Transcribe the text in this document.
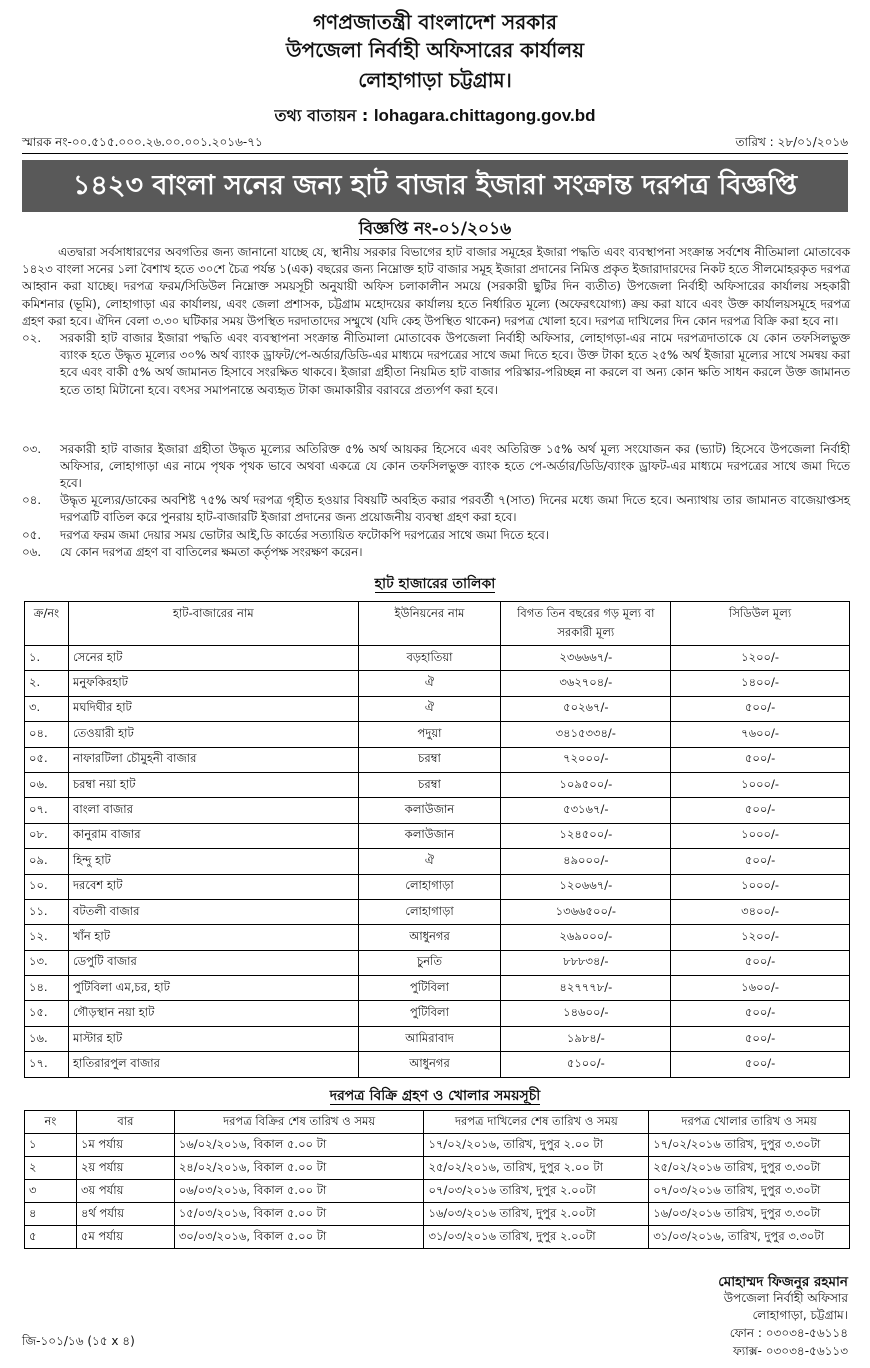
গণপ্রজাতন্ত্রী বাংলাদেশ সরকার
উপজেলা নির্বাহী অফিসারের কার্যালয়
লোহাগাড়া চট্টগ্রাম।
তথ্য বাতায়ন : lohagara.chittagong.gov.bd
স্মারক নং-০০.৫১৫.০০০.২৬.০০.০০১.২০১৬-৭১	তারিখ : ২৮/০১/২০১৬
১৪২৩ বাংলা সনের জন্য হাট বাজার ইজারা সংক্রান্ত দরপত্র বিজ্ঞপ্তি
বিজ্ঞপ্তি নং-০১/২০১৬
এতদ্বারা সর্বসাধারণের অবগতির জন্য জানানো যাচ্ছে যে, স্থানীয় সরকার বিভাগের হাট বাজার সমূহের ইজারা পদ্ধতি এবং ব্যবস্থাপনা সংক্রান্ত সর্বশেষ নীতিমালা মোতাবেক ১৪২৩ বাংলা সনের ১লা বৈশাখ হতে ৩০শে চৈত্র পর্যন্ত ১(এক) বছরের জন্য নিম্নোক্ত হাট বাজার সমূহ ইজারা প্রদানের নিমিত্ত প্রকৃত ইজারাদারদের নিকট হতে সীলমোহরকৃত দরপত্র আহ্বান করা যাচ্ছে। দরপত্র ফরম/সিডিউল নিম্নোক্ত সময়সূচী অনুযায়ী অফিস চলাকালীন সময়ে (সরকারী ছুটির দিন ব্যতীত) উপজেলা নির্বাহী অফিসারের কার্যালয় সহকারী কমিশনার (ভূমি), লোহাগাড়া এর কার্যালয়, এবং জেলা প্রশাসক, চট্টগ্রাম মহোদয়ের কার্যালয় হতে নির্ধারিত মূল্যে (অফেরৎযোগ্য) ক্রয় করা যাবে এবং উক্ত কার্যালয়সমূহে দরপত্র গ্রহণ করা হবে। ঐদিন বেলা ৩.৩০ ঘটিকার সময় উপস্থিত দরদাতাদের সম্মুখে (যদি কেহ উপস্থিত থাকেন) দরপত্র খোলা হবে। দরপত্র দাখিলের দিন কোন দরপত্র বিক্রি করা হবে না।
০২.	সরকারী হাট বাজার ইজারা পদ্ধতি এবং ব্যবস্থাপনা সংক্রান্ত নীতিমালা মোতাবেক উপজেলা নির্বাহী অফিসার, লোহাগড়া-এর নামে দরপত্রদাতাকে যে কোন তফসিলভুক্ত ব্যাংক হতে উদ্ধৃত মূল্যের ৩০% অর্থ ব্যাংক ড্রাফট/পে-অর্ডার/ডিডি-এর মাধ্যমে দরপত্রের সাথে জমা দিতে হবে। উক্ত টাকা হতে ২৫% অর্থ ইজারা মূল্যের সাথে সমন্বয় করা হবে এবং বাকী ৫% অর্থ জামানত হিসাবে সংরক্ষিত থাকবে। ইজারা গ্রহীতা নিয়মিত হাট বাজার পরিস্কার-পরিচ্ছন্ন না করলে বা অন্য কোন ক্ষতি সাধন করলে উক্ত জামানত হতে তাহা মিটানো হবে। বৎসর সমাপনান্তে অব্যহৃত টাকা জমাকারীর বরাবরে প্রত্যর্পণ করা হবে।
০৩.	সরকারী হাট বাজার ইজারা গ্রহীতা উদ্ধৃত মূল্যের অতিরিক্ত ৫% অর্থ আয়কর হিসেবে এবং অতিরিক্ত ১৫% অর্থ মূল্য সংযোজন কর (ভ্যাট) হিসেবে উপজেলা নির্বাহী অফিসার, লোহাগাড়া এর নামে পৃথক পৃথক ভাবে অথবা একত্রে যে কোন তফসিলভুক্ত ব্যাংক হতে পে-অর্ডার/ডিডি/ব্যাংক ড্রাফট-এর মাধ্যমে দরপত্রের সাথে জমা দিতে হবে।
০৪.	উদ্ধৃত মূল্যের/ডাকের অবশিষ্ট ৭৫% অর্থ দরপত্র গৃহীত হওয়ার বিষয়টি অবহিত করার পরবর্তী ৭(সাত) দিনের মধ্যে জমা দিতে হবে। অন্যাথায় তার জামানত বাজেয়াপ্তসহ দরপত্রটি বাতিল করে পুনরায় হাট-বাজারটি ইজারা প্রদানের জন্য প্রয়োজনীয় ব্যবস্থা গ্রহণ করা হবে।
০৫.	দরপত্র ফরম জমা দেয়ার সময় ভোটার আই,ডি কার্ডের সত্যায়িত ফটোকপি দরপত্রের সাথে জমা দিতে হবে।
০৬.	যে কোন দরপত্র গ্রহণ বা বাতিলের ক্ষমতা কর্তৃপক্ষ সংরক্ষণ করেন।
হাট হাজারের তালিকা
ক্র/নং	হাট-বাজারের নাম	ইউনিয়নের নাম	বিগত তিন বছরের গড় মূল্য বা সরকারী মূল্য	সিডিউল মূল্য
১.	সেনের হাট	বড়হাতিয়া	২৩৬৬৬৭/-	১২০০/-
২.	মনুফকিরহাট	ঐ	৩৬২৭০৪/-	১৪০০/-
৩.	মঘদিঘীর হাট	ঐ	৫০২৬৭/-	৫০০/-
০৪.	তেওয়ারী হাট	পদুয়া	৩৪১৫৩৩৪/-	৭৬০০/-
০৫.	নাফারটিলা চৌমুহনী বাজার	চরম্বা	৭২০০০/-	৫০০/-
০৬.	চরম্বা নয়া হাট	চরম্বা	১০৯৫০০/-	১০০০/-
০৭.	বাংলা বাজার	কলাউজান	৫৩১৬৭/-	৫০০/-
০৮.	কানুরাম বাজার	কলাউজান	১২৪৫০০/-	১০০০/-
০৯.	হিন্দু হাট	ঐ	৪৯০০০/-	৫০০/-
১০.	দরবেশ হাট	লোহাগাড়া	১২০৬৬৭/-	১০০০/-
১১.	বটতলী বাজার	লোহাগাড়া	১৩৬৬৫০০/-	৩৪০০/-
১২.	খাঁন হাট	আধুনগর	২৬৯০০০/-	১২০০/-
১৩.	ডেপুটি বাজার	চুনতি	৮৮৮৩৪/-	৫০০/-
১৪.	পুটিবিলা এম,চর, হাট	পুটিবিলা	৪২৭৭৭৮/-	১৬০০/-
১৫.	গৌড়স্থান নয়া হাট	পুটিবিলা	১৪৬০০/-	৫০০/-
১৬.	মাস্টার হাট	আমিরাবাদ	১৯৮৪/-	৫০০/-
১৭.	হাতিরারপুল বাজার	আধুনগর	৫১০০/-	৫০০/-
দরপত্র বিক্রি গ্রহণ ও খোলার সময়সূচী
নং	বার	দরপত্র বিক্রির শেষ তারিখ ও সময়	দরপত্র দাখিলের শেষ তারিখ ও সময়	দরপত্র খোলার তারিখ ও সময়
১	১ম পর্যায়	১৬/০২/২০১৬, বিকাল ৫.০০ টা	১৭/০২/২০১৬, তারিখ, দুপুর ২.০০ টা	১৭/০২/২০১৬ তারিখ, দুপুর ৩.৩০টা
২	২য় পর্যায়	২৪/০২/২০১৬, বিকাল ৫.০০ টা	২৫/০২/২০১৬, তারিখ, দুপুর ২.০০ টা	২৫/০২/২০১৬ তারিখ, দুপুর ৩.৩০টা
৩	৩য় পর্যায়	০৬/০৩/২০১৬, বিকাল ৫.০০ টা	০৭/০৩/২০১৬ তারিখ, দুপুর ২.০০টা	০৭/০৩/২০১৬ তারিখ, দুপুর ৩.৩০টা
৪	৪র্থ পর্যায়	১৫/০৩/২০১৬, বিকাল ৫.০০ টা	১৬/০৩/২০১৬ তারিখ, দুপুর ২.০০টা	১৬/০৩/২০১৬ তারিখ, দুপুর ৩.৩০টা
৫	৫ম পর্যায়	৩০/০৩/২০১৬, বিকাল ৫.০০ টা	৩১/০৩/২০১৬ তারিখ, দুপুর ২.০০টা	৩১/০৩/২০১৬, তারিখ, দুপুর ৩.৩০টা
মোহাম্মদ ফিজনুর রহমান
উপজেলা নির্বাহী অফিসার
লোহাগাড়া, চট্টগ্রাম।
ফোন : ০৩০৩৪-৫৬১১৪
ফ্যাক্স- ০৩০৩৪-৫৬১১৩
জি-১০১/১৬ (১৫ x ৪)
